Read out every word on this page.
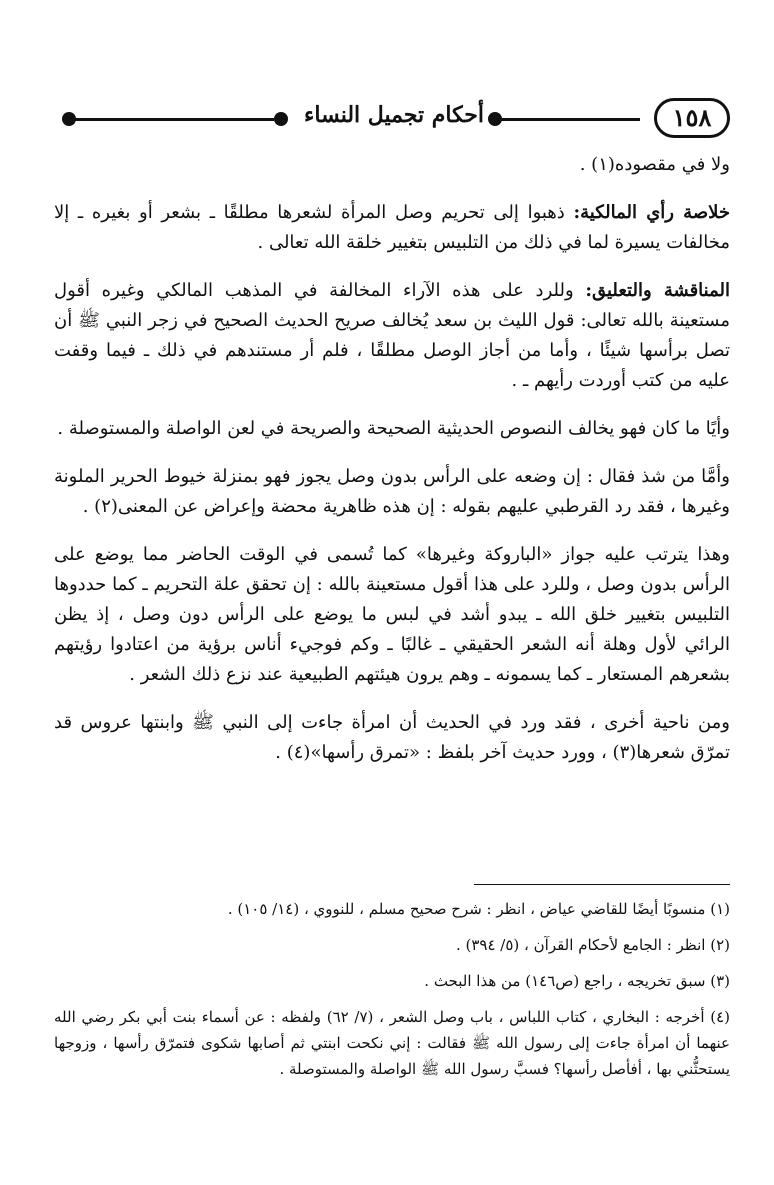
١٥٨
أحكام تجميل النساء

ولا في مقصوده(١) .

خلاصة رأي المالكية: ذهبوا إلى تحريم وصل المرأة لشعرها مطلقًا ـ بشعر أو بغيره ـ إلا مخالفات يسيرة لما في ذلك من التلبيس بتغيير خلقة الله تعالى .

المناقشة والتعليق: وللرد على هذه الآراء المخالفة في المذهب المالكي وغيره أقول مستعينة بالله تعالى: قول الليث بن سعد يُخالف صريح الحديث الصحيح في زجر النبي ﷺ أن تصل برأسها شيئًا ، وأما من أجاز الوصل مطلقًا ، فلم أر مستندهم في ذلك ـ فيما وقفت عليه من كتب أوردت رأيهم ـ .

وأيًا ما كان فهو يخالف النصوص الحديثية الصحيحة والصريحة في لعن الواصلة والمستوصلة .

وأمَّا من شذ فقال : إن وضعه على الرأس بدون وصل يجوز فهو بمنزلة خيوط الحرير الملونة وغيرها ، فقد رد القرطبي عليهم بقوله : إن هذه ظاهرية محضة وإعراض عن المعنى(٢) .

وهذا يترتب عليه جواز «الباروكة وغيرها» كما تُسمى في الوقت الحاضر مما يوضع على الرأس بدون وصل ، وللرد على هذا أقول مستعينة بالله : إن تحقق علة التحريم ـ كما حددوها التلبيس بتغيير خلق الله ـ يبدو أشد في لبس ما يوضع على الرأس دون وصل ، إذ يظن الرائي لأول وهلة أنه الشعر الحقيقي ـ غالبًا ـ وكم فوجيء أناس برؤية من اعتادوا رؤيتهم بشعرهم المستعار ـ كما يسمونه ـ وهم يرون هيئتهم الطبيعية عند نزع ذلك الشعر .

ومن ناحية أخرى ، فقد ورد في الحديث أن امرأة جاءت إلى النبي ﷺ وابنتها عروس قد تمرّق شعرها(٣) ، وورد حديث آخر بلفظ : «تمرق رأسها»(٤) .

(١) منسوبًا أيضًا للقاضي عياض ، انظر : شرح صحيح مسلم ، للنووي ، (١٤/ ١٠٥) .

(٢) انظر : الجامع لأحكام القرآن ، (٥/ ٣٩٤) .

(٣) سبق تخريجه ، راجع (ص١٤٦) من هذا البحث .

(٤) أخرجه : البخاري ، كتاب اللباس ، باب وصل الشعر ، (٧/ ٦٢) ولفظه : عن أسماء بنت أبي بكر رضي الله عنهما أن امرأة جاءت إلى رسول الله ﷺ فقالت : إني نكحت ابنتي ثم أصابها شكوى فتمرّق رأسها ، وزوجها يستحثُّني بها ، أفأصل رأسها؟ فسبَّ رسول الله ﷺ الواصلة والمستوصلة .
